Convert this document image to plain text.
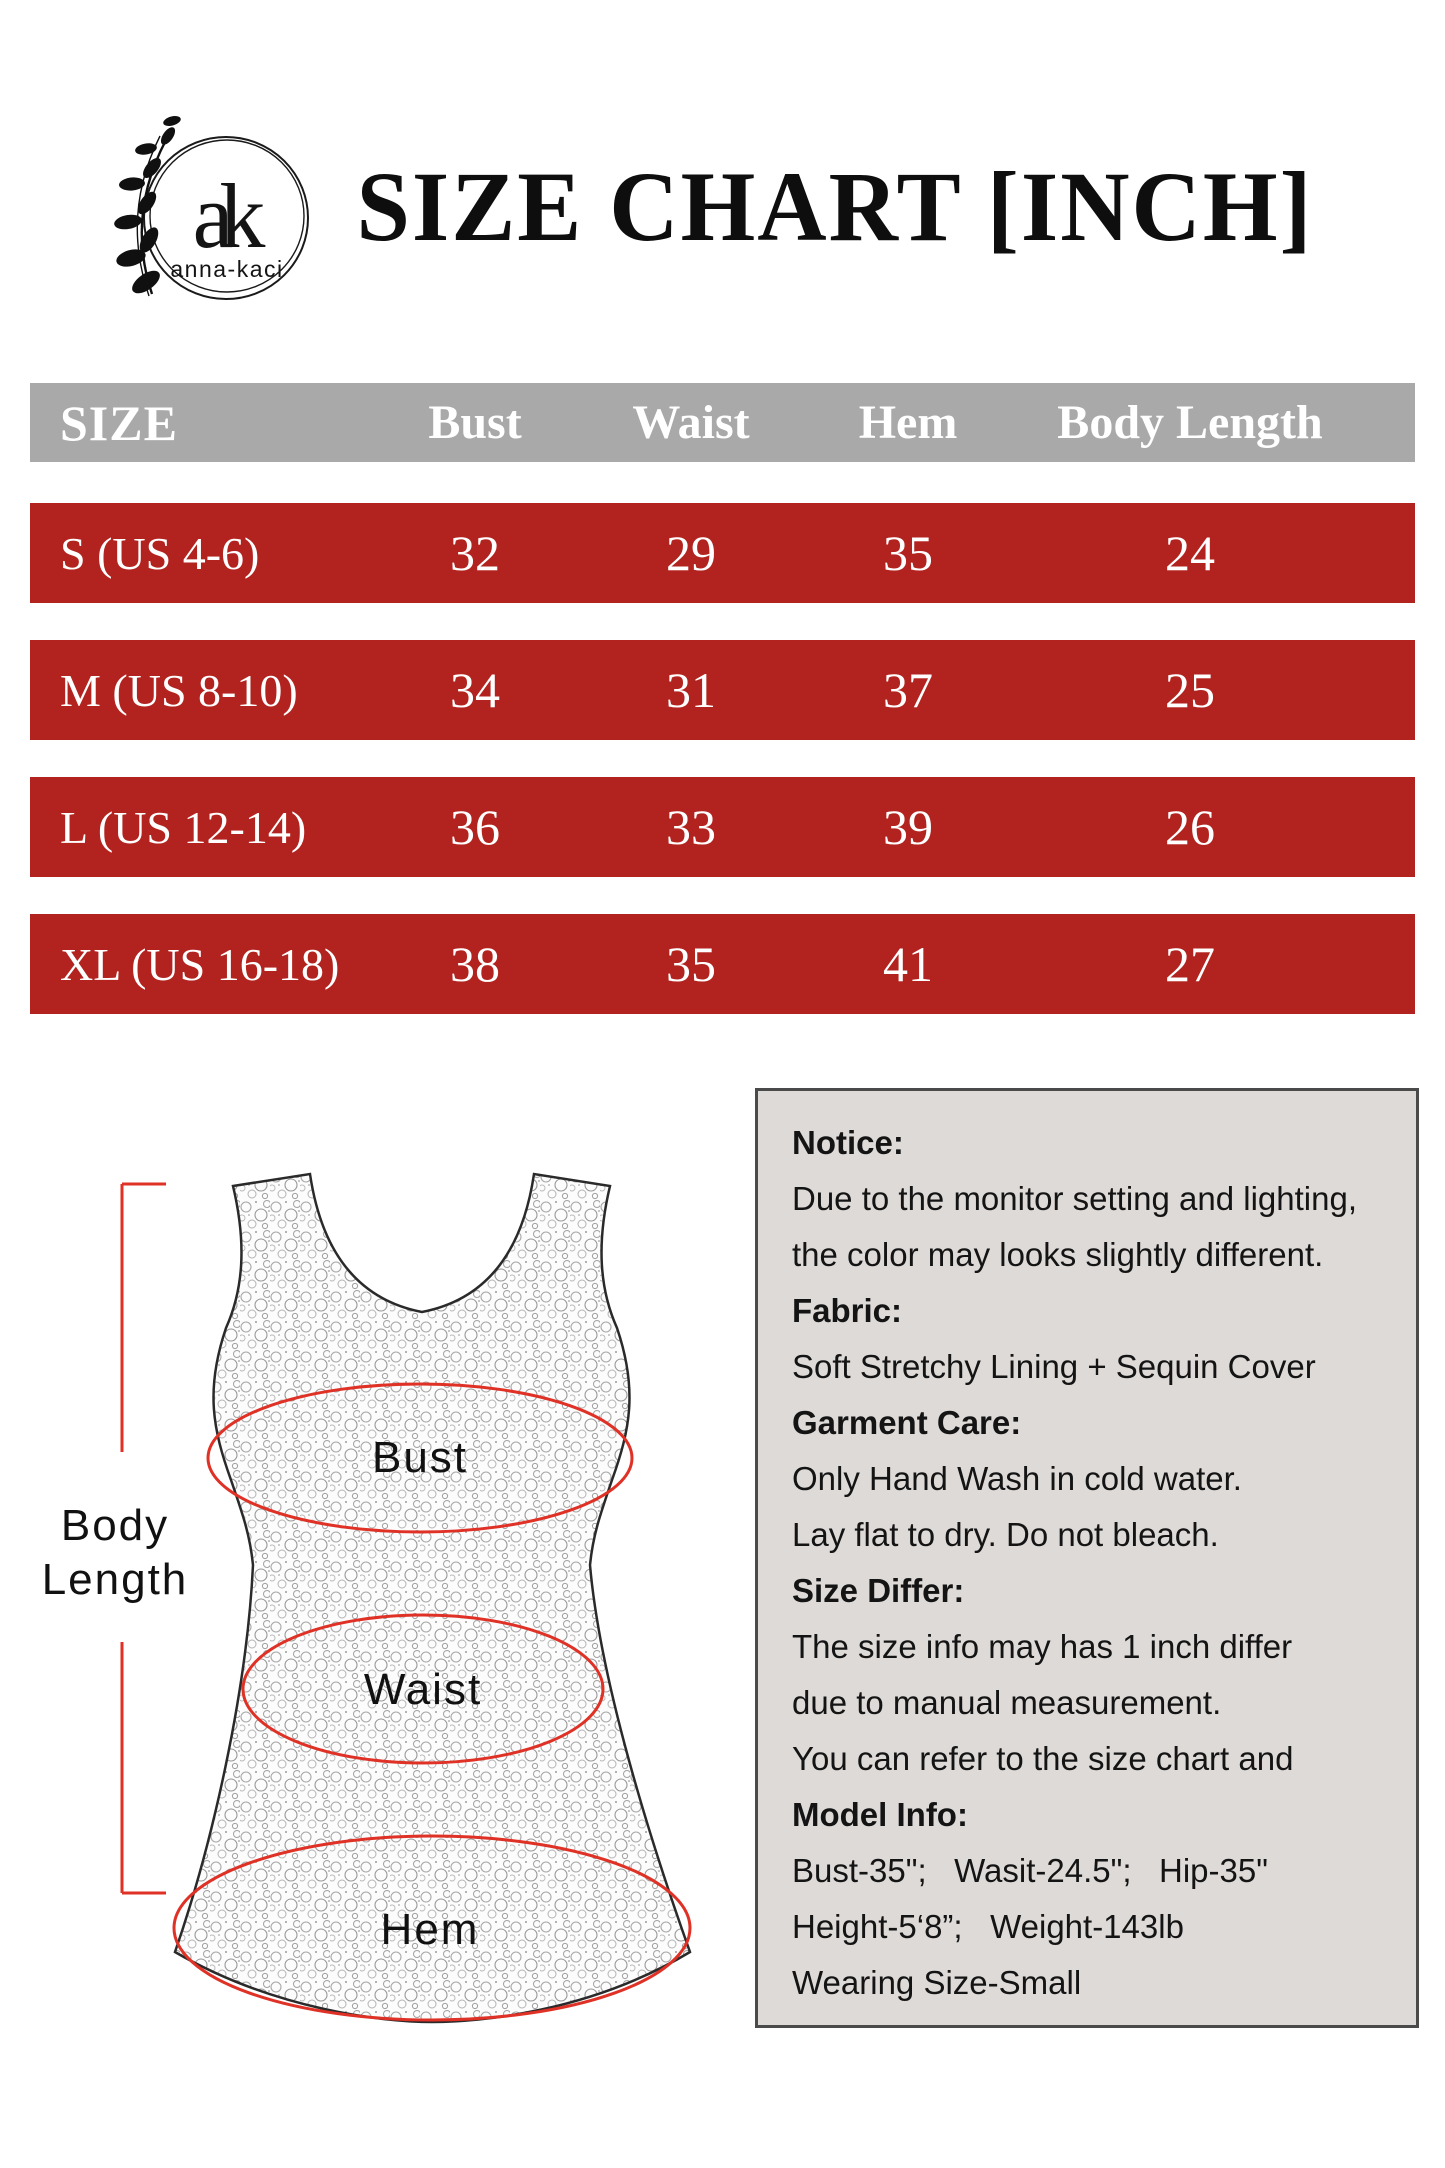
ak
anna-kaci
SIZE CHART [INCH]
SIZE	Bust	Waist	Hem	Body Length
S (US 4-6)	32	29	35	24
M (US 8-10)	34	31	37	25
L (US 12-14)	36	33	39	26
XL (US 16-18)	38	35	41	27
Body
Length
Bust
Waist
Hem
Notice:
Due to the monitor setting and lighting,
the color may looks slightly different.
Fabric:
Soft Stretchy Lining + Sequin Cover
Garment Care:
Only Hand Wash in cold water.
Lay flat to dry. Do not bleach.
Size Differ:
The size info may has 1 inch differ
due to manual measurement.
You can refer to the size chart and
Model Info:
Bust-35";   Wasit-24.5";   Hip-35"
Height-5‘8”;   Weight-143lb
Wearing Size-Small
